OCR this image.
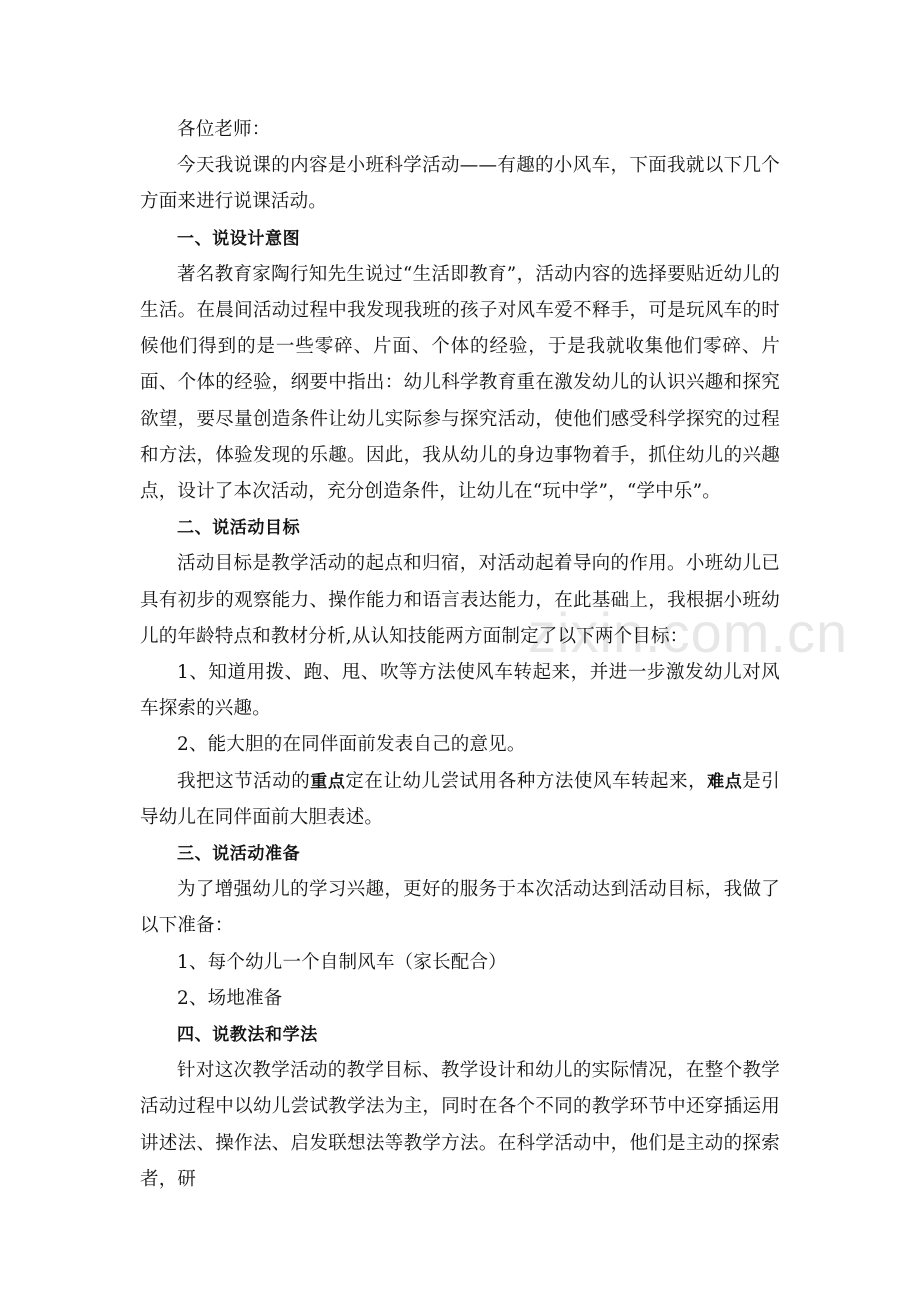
各位老师：

今天我说课的内容是小班科学活动——有趣的小风车，下面我就以下几个方面来进行说课活动。

一、说设计意图

著名教育家陶行知先生说过“生活即教育”，活动内容的选择要贴近幼儿的生活。在晨间活动过程中我发现我班的孩子对风车爱不释手，可是玩风车的时候他们得到的是一些零碎、片面、个体的经验，于是我就收集他们零碎、片面、个体的经验，纲要中指出：幼儿科学教育重在激发幼儿的认识兴趣和探究欲望，要尽量创造条件让幼儿实际参与探究活动，使他们感受科学探究的过程和方法，体验发现的乐趣。因此，我从幼儿的身边事物着手，抓住幼儿的兴趣点，设计了本次活动，充分创造条件，让幼儿在“玩中学”，“学中乐”。

二、说活动目标

活动目标是教学活动的起点和归宿，对活动起着导向的作用。小班幼儿已具有初步的观察能力、操作能力和语言表达能力，在此基础上，我根据小班幼儿的年龄特点和教材分析,从认知技能两方面制定了以下两个目标：

1、知道用拨、跑、甩、吹等方法使风车转起来，并进一步激发幼儿对风车探索的兴趣。

2、能大胆的在同伴面前发表自己的意见。

我把这节活动的重点定在让幼儿尝试用各种方法使风车转起来，难点是引导幼儿在同伴面前大胆表述。

三、说活动准备

为了增强幼儿的学习兴趣，更好的服务于本次活动达到活动目标，我做了以下准备：

1、每个幼儿一个自制风车（家长配合）

2、场地准备

四、说教法和学法

针对这次教学活动的教学目标、教学设计和幼儿的实际情况，在整个教学活动过程中以幼儿尝试教学法为主，同时在各个不同的教学环节中还穿插运用讲述法、操作法、启发联想法等教学方法。在科学活动中，他们是主动的探索者，研

zixin.com.cn
